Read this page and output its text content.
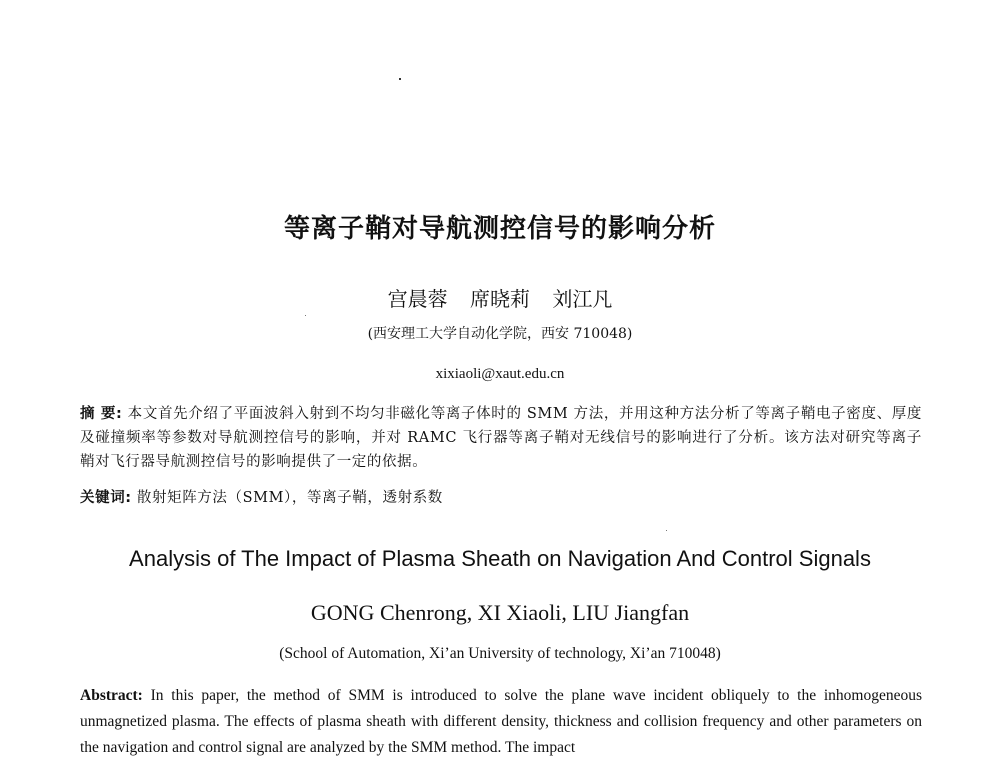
等离子鞘对导航测控信号的影响分析
宫晨蓉 席晓莉 刘江凡
(西安理工大学自动化学院，西安 710048)
xixiaoli@xaut.edu.cn
摘 要: 本文首先介绍了平面波斜入射到不均匀非磁化等离子体时的 SMM 方法，并用这种方法分析了等离子鞘电子密度、厚度及碰撞频率等参数对导航测控信号的影响，并对 RAMC 飞行器等离子鞘对无线信号的影响进行了分析。该方法对研究等离子鞘对飞行器导航测控信号的影响提供了一定的依据。
关键词: 散射矩阵方法（SMM），等离子鞘，透射系数
Analysis of The Impact of Plasma Sheath on Navigation And Control Signals
GONG Chenrong, XI Xiaoli, LIU Jiangfan
(School of Automation, Xi’an University of technology, Xi’an 710048)
Abstract: In this paper, the method of SMM is introduced to solve the plane wave incident obliquely to the inhomogeneous unmagnetized plasma. The effects of plasma sheath with different density, thickness and collision frequency and other parameters on the navigation and control signal are analyzed by the SMM method. The impact
